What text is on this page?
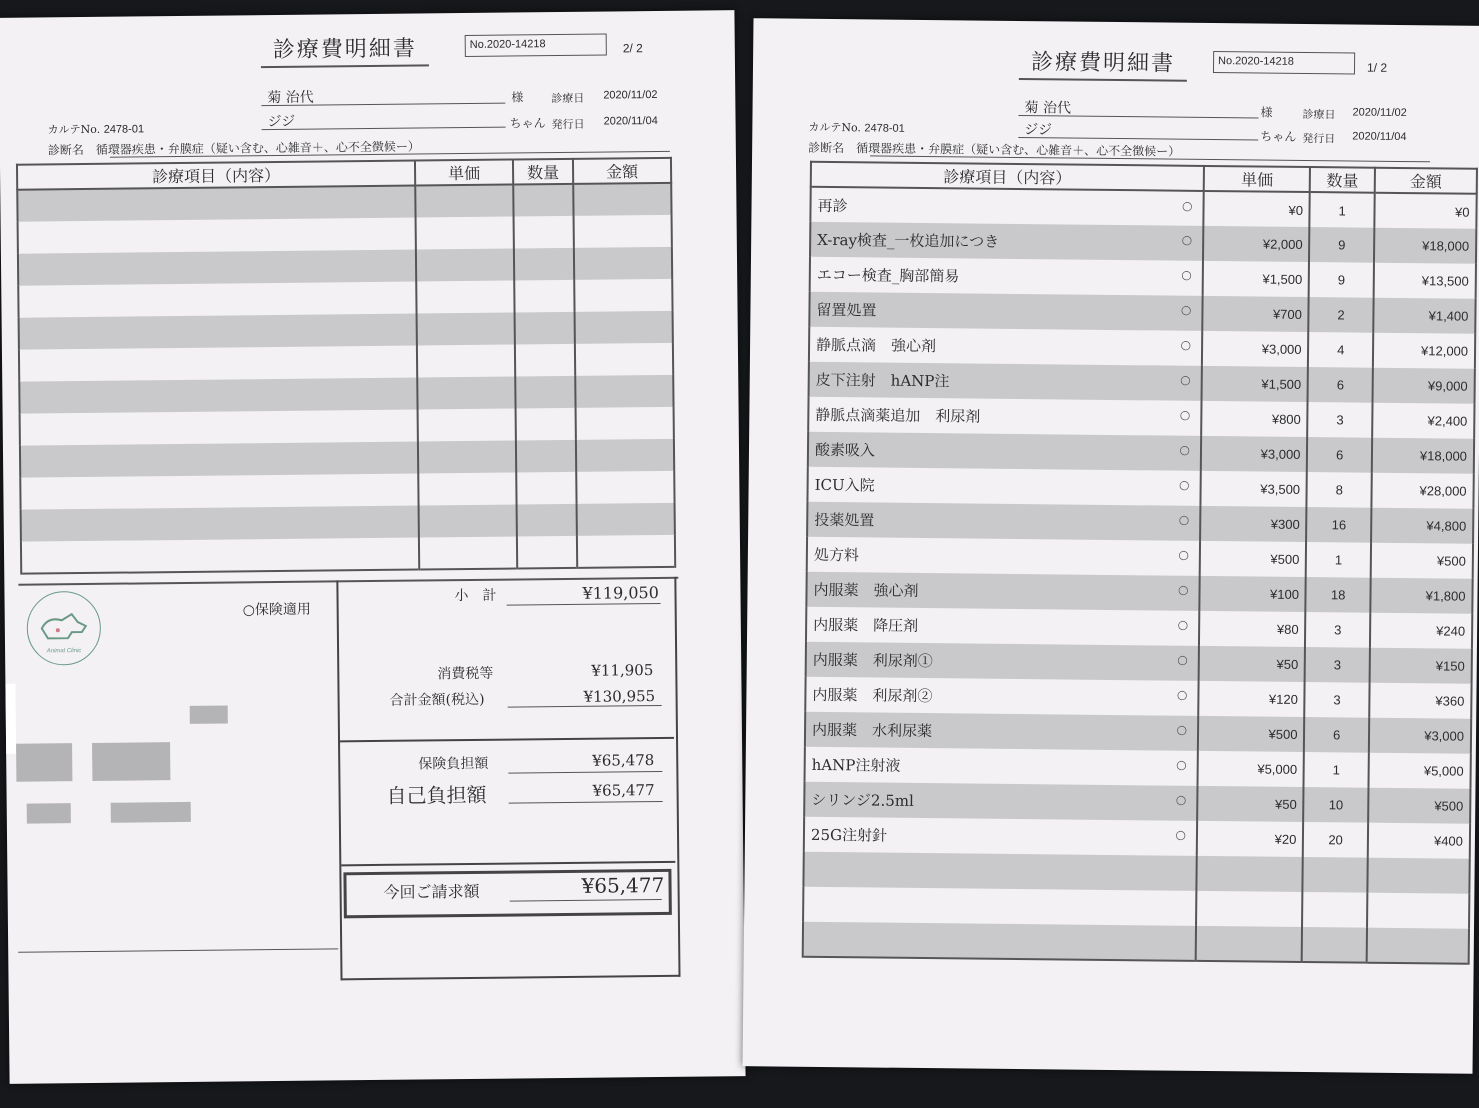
診療費明細書	No.2020-14218	2/ 2
菊 治代	様	診療日 2020/11/02
カルテNo. 2478-01	ジジ	ちゃん 発行日 2020/11/04
診断名　 循環器疾患・弁膜症（疑い含む、心雑音＋、心不全徴候ー）
診療項目（内容）	単価	数量	金額

Animal Clinic
○保険適用
小　計	¥119,050
消費税等	¥11,905
合計金額(税込)	¥130,955
保険負担額	¥65,478
自己負担額	¥65,477
今回ご請求額	¥65,477
診療費明細書	No.2020-14218	1/ 2
菊 治代	様	診療日 2020/11/02
カルテNo. 2478-01	ジジ	ちゃん 発行日 2020/11/04
診断名　 循環器疾患・弁膜症（疑い含む、心雑音＋、心不全徴候ー）
診療項目（内容）	単価	数量	金額
再診 ○	¥0	1	¥0
X-ray検査_一枚追加につき ○	¥2,000	9	¥18,000
エコー検査_胸部簡易 ○	¥1,500	9	¥13,500
留置処置 ○	¥700	2	¥1,400
静脈点滴　強心剤 ○	¥3,000	4	¥12,000
皮下注射　hANP注 ○	¥1,500	6	¥9,000
静脈点滴薬追加　利尿剤 ○	¥800	3	¥2,400
酸素吸入 ○	¥3,000	6	¥18,000
ICU入院 ○	¥3,500	8	¥28,000
投薬処置 ○	¥300	16	¥4,800
処方料 ○	¥500	1	¥500
内服薬　強心剤 ○	¥100	18	¥1,800
内服薬　降圧剤 ○	¥80	3	¥240
内服薬　利尿剤① ○	¥50	3	¥150
内服薬　利尿剤② ○	¥120	3	¥360
内服薬　水利尿薬 ○	¥500	6	¥3,000
hANP注射液 ○	¥5,000	1	¥5,000
シリンジ2.5ml ○	¥50	10	¥500
25G注射針 ○	¥20	20	¥400
